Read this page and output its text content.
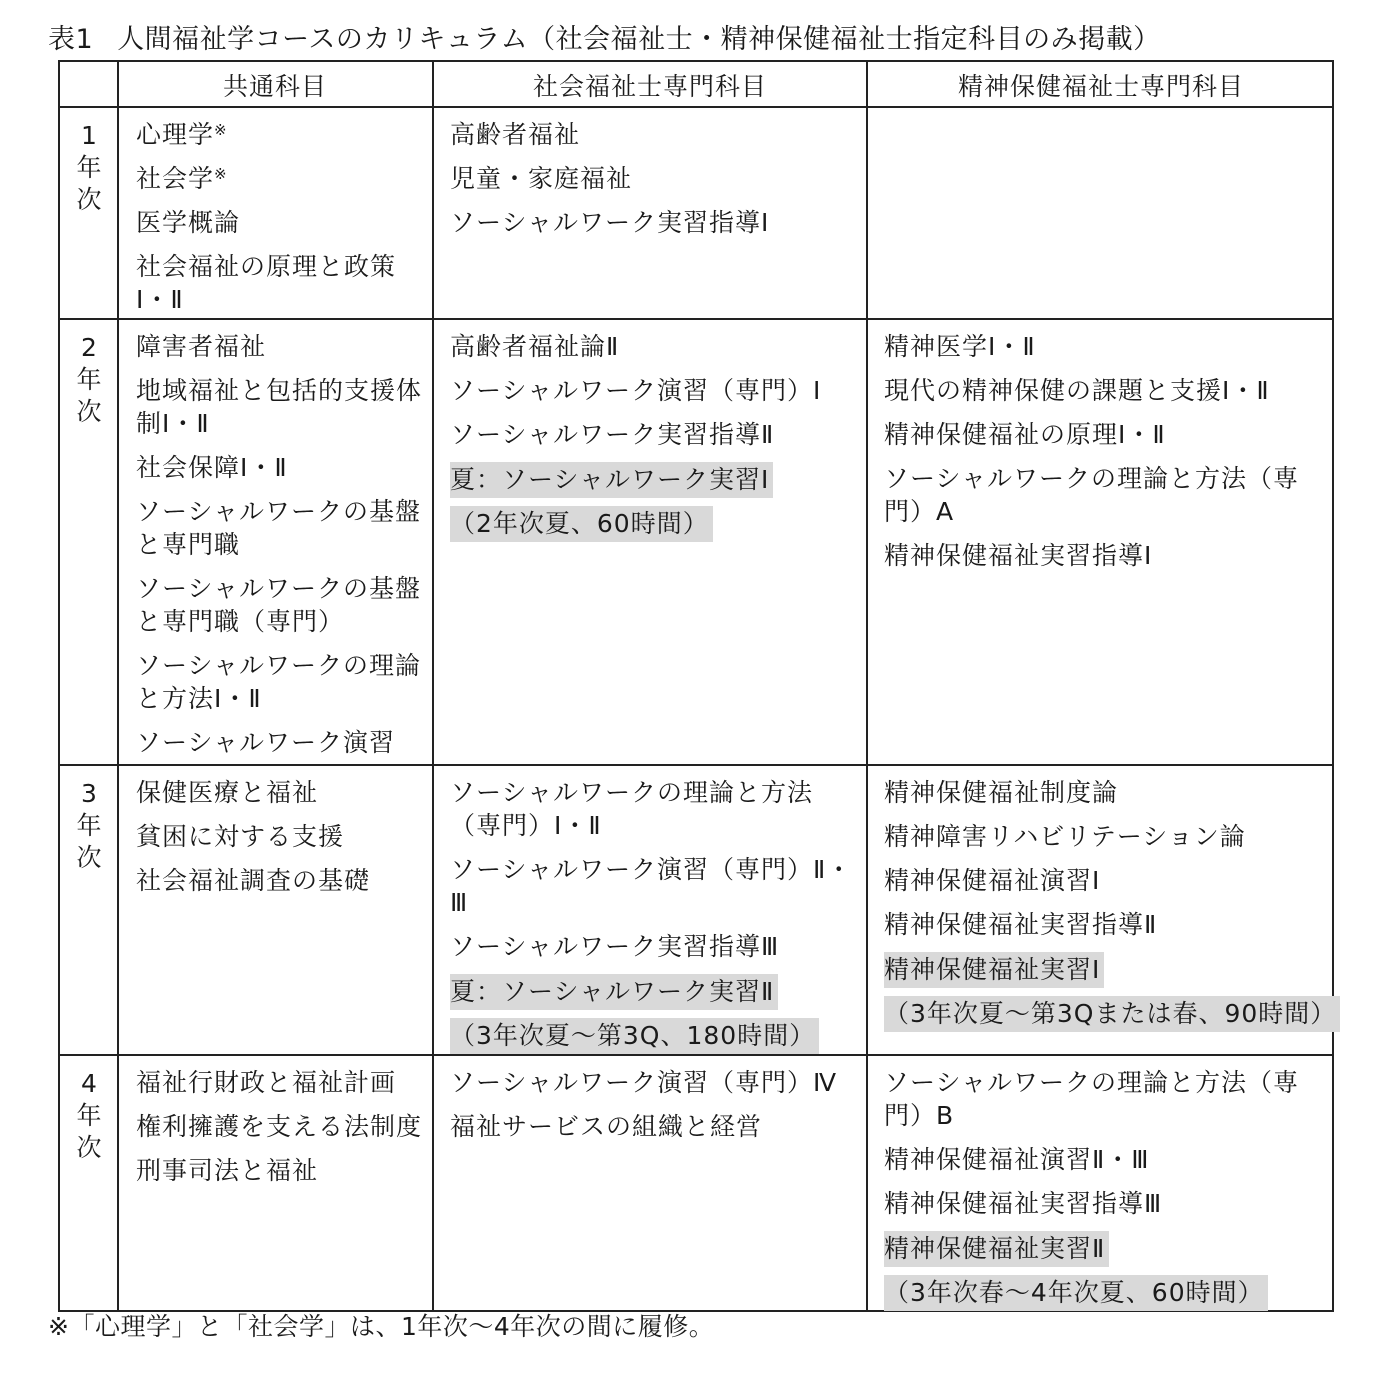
表1 人間福祉学コースのカリキュラム（社会福祉士・精神保健福祉士指定科目のみ掲載）
共通科目	社会福祉士専門科目	精神保健福祉士専門科目
1
年
次
心理学※
社会学※
医学概論
社会福祉の原理と政策Ⅰ・Ⅱ
高齢者福祉
児童・家庭福祉
ソーシャルワーク実習指導Ⅰ
2
年
次
障害者福祉
地域福祉と包括的支援体制Ⅰ・Ⅱ
社会保障Ⅰ・Ⅱ
ソーシャルワークの基盤と専門職
ソーシャルワークの基盤と専門職（専門）
ソーシャルワークの理論と方法Ⅰ・Ⅱ
ソーシャルワーク演習
高齢者福祉論Ⅱ
ソーシャルワーク演習（専門）Ⅰ
ソーシャルワーク実習指導Ⅱ
夏：ソーシャルワーク実習Ⅰ
（2年次夏、60時間）
精神医学Ⅰ・Ⅱ
現代の精神保健の課題と支援Ⅰ・Ⅱ
精神保健福祉の原理Ⅰ・Ⅱ
ソーシャルワークの理論と方法（専門）A
精神保健福祉実習指導Ⅰ
3
年
次
保健医療と福祉
貧困に対する支援
社会福祉調査の基礎
ソーシャルワークの理論と方法（専門）Ⅰ・Ⅱ
ソーシャルワーク演習（専門）Ⅱ・Ⅲ
ソーシャルワーク実習指導Ⅲ
夏：ソーシャルワーク実習Ⅱ
（3年次夏～第3Q、180時間）
精神保健福祉制度論
精神障害リハビリテーション論
精神保健福祉演習Ⅰ
精神保健福祉実習指導Ⅱ
精神保健福祉実習Ⅰ
（3年次夏～第3Qまたは春、90時間）
4
年
次
福祉行財政と福祉計画
権利擁護を支える法制度
刑事司法と福祉
ソーシャルワーク演習（専門）Ⅳ
福祉サービスの組織と経営
ソーシャルワークの理論と方法（専門）B
精神保健福祉演習Ⅱ・Ⅲ
精神保健福祉実習指導Ⅲ
精神保健福祉実習Ⅱ
（3年次春～4年次夏、60時間）
※「心理学」と「社会学」は、1年次～4年次の間に履修。
